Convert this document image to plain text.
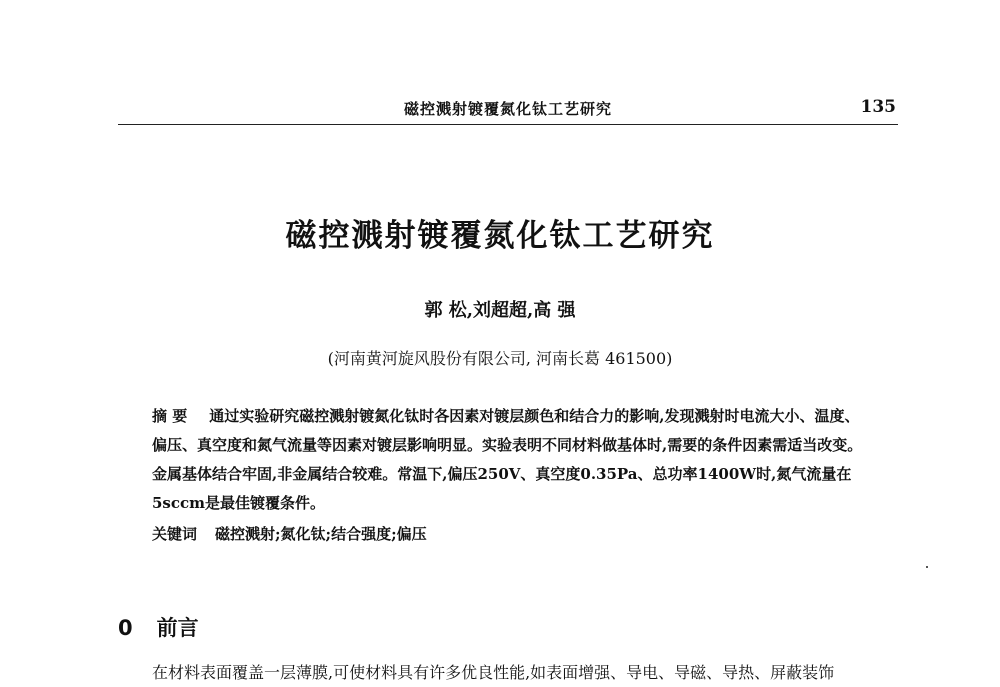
磁控溅射镀覆氮化钛工艺研究	135
磁控溅射镀覆氮化钛工艺研究
郭 松,刘超超,高 强
(河南黄河旋风股份有限公司, 河南长葛 461500)
摘 要 通过实验研究磁控溅射镀氮化钛时各因素对镀层颜色和结合力的影响,发现溅射时电流大小、温度、偏压、真空度和氮气流量等因素对镀层影响明显。实验表明不同材料做基体时,需要的条件因素需适当改变。金属基体结合牢固,非金属结合较难。常温下,偏压250V、真空度0.35Pa、总功率1400W时,氮气流量在5sccm是最佳镀覆条件。
关键词 磁控溅射;氮化钛;结合强度;偏压
0 前言
在材料表面覆盖一层薄膜,可使材料具有许多优良性能,如表面增强、导电、导磁、导热、屏蔽装饰
